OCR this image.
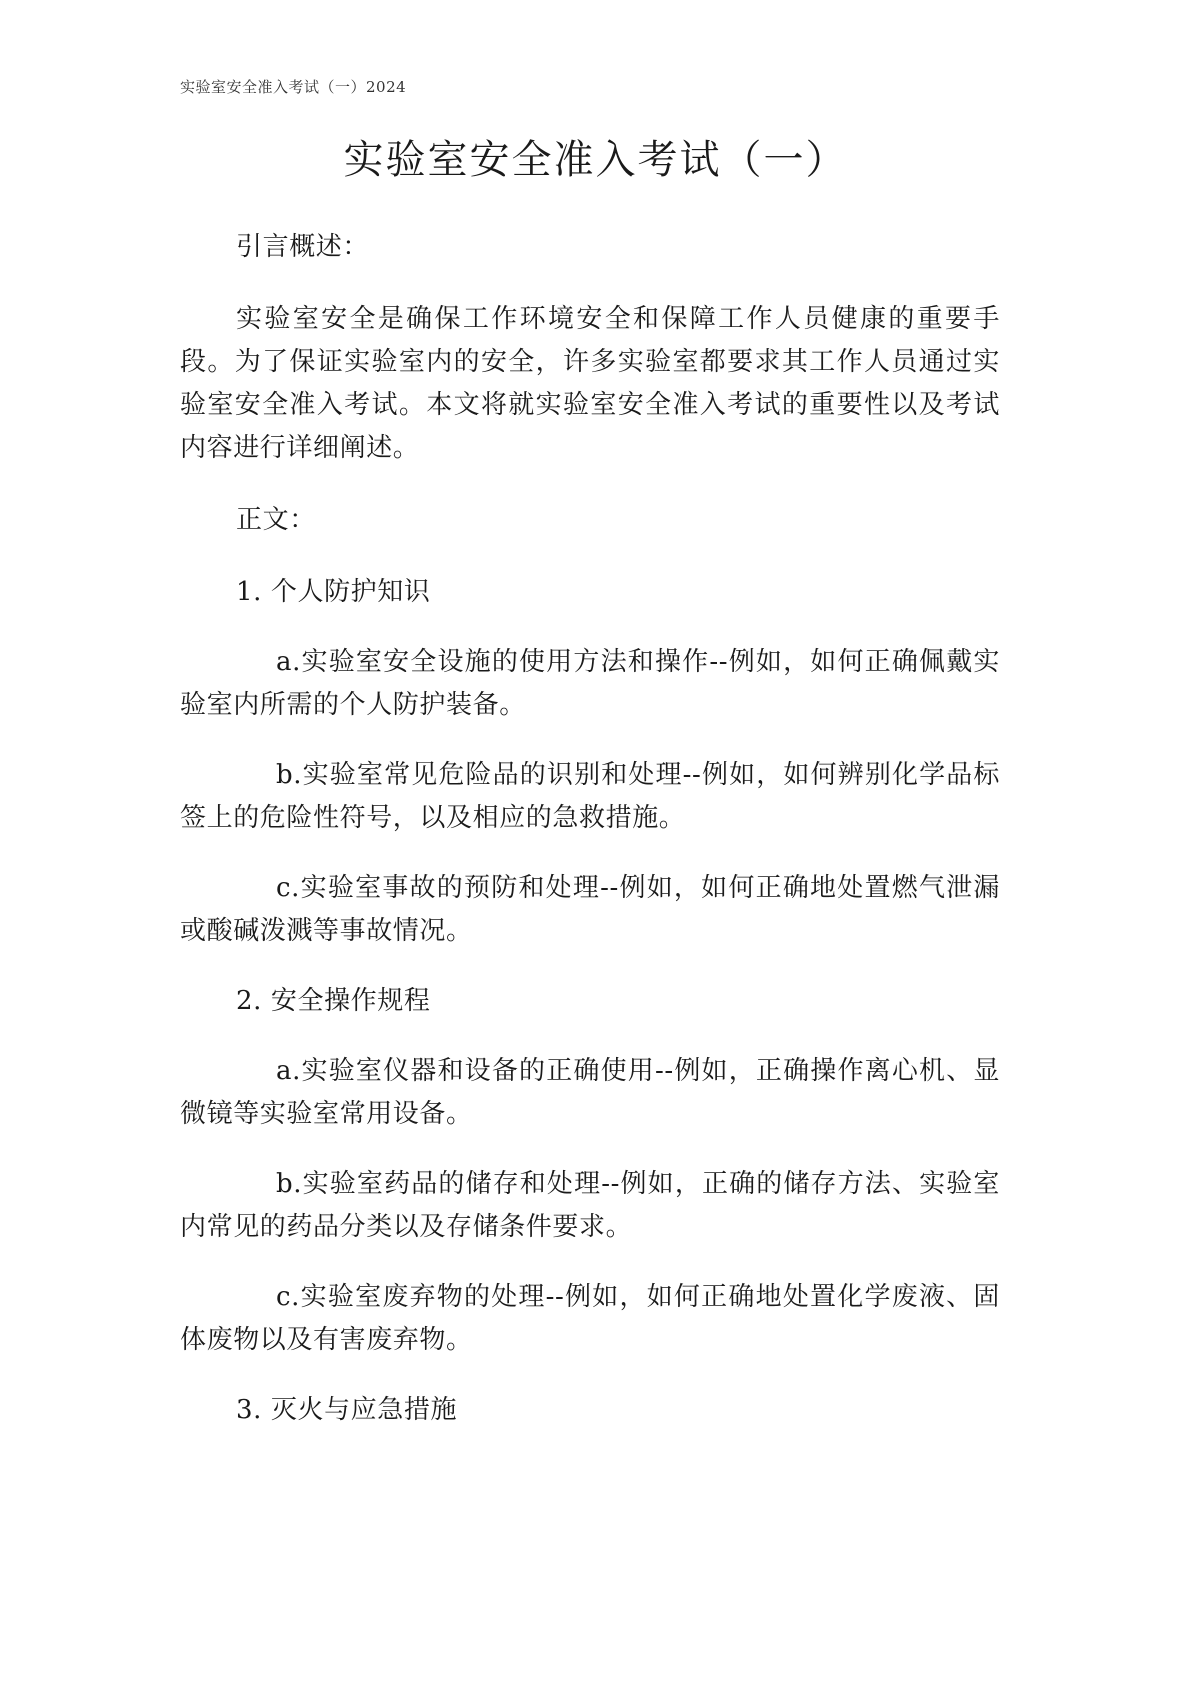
实验室安全准入考试（一）2024
实验室安全准入考试（一）

引言概述：

实验室安全是确保工作环境安全和保障工作人员健康的重要手段。为了保证实验室内的安全，许多实验室都要求其工作人员通过实验室安全准入考试。本文将就实验室安全准入考试的重要性以及考试内容进行详细阐述。

正文：

1. 个人防护知识

a.实验室安全设施的使用方法和操作--例如，如何正确佩戴实验室内所需的个人防护装备。

b.实验室常见危险品的识别和处理--例如，如何辨别化学品标签上的危险性符号，以及相应的急救措施。

c.实验室事故的预防和处理--例如，如何正确地处置燃气泄漏或酸碱泼溅等事故情况。

2. 安全操作规程

a.实验室仪器和设备的正确使用--例如，正确操作离心机、显微镜等实验室常用设备。

b.实验室药品的储存和处理--例如，正确的储存方法、实验室内常见的药品分类以及存储条件要求。

c.实验室废弃物的处理--例如，如何正确地处置化学废液、固体废物以及有害废弃物。

3. 灭火与应急措施
